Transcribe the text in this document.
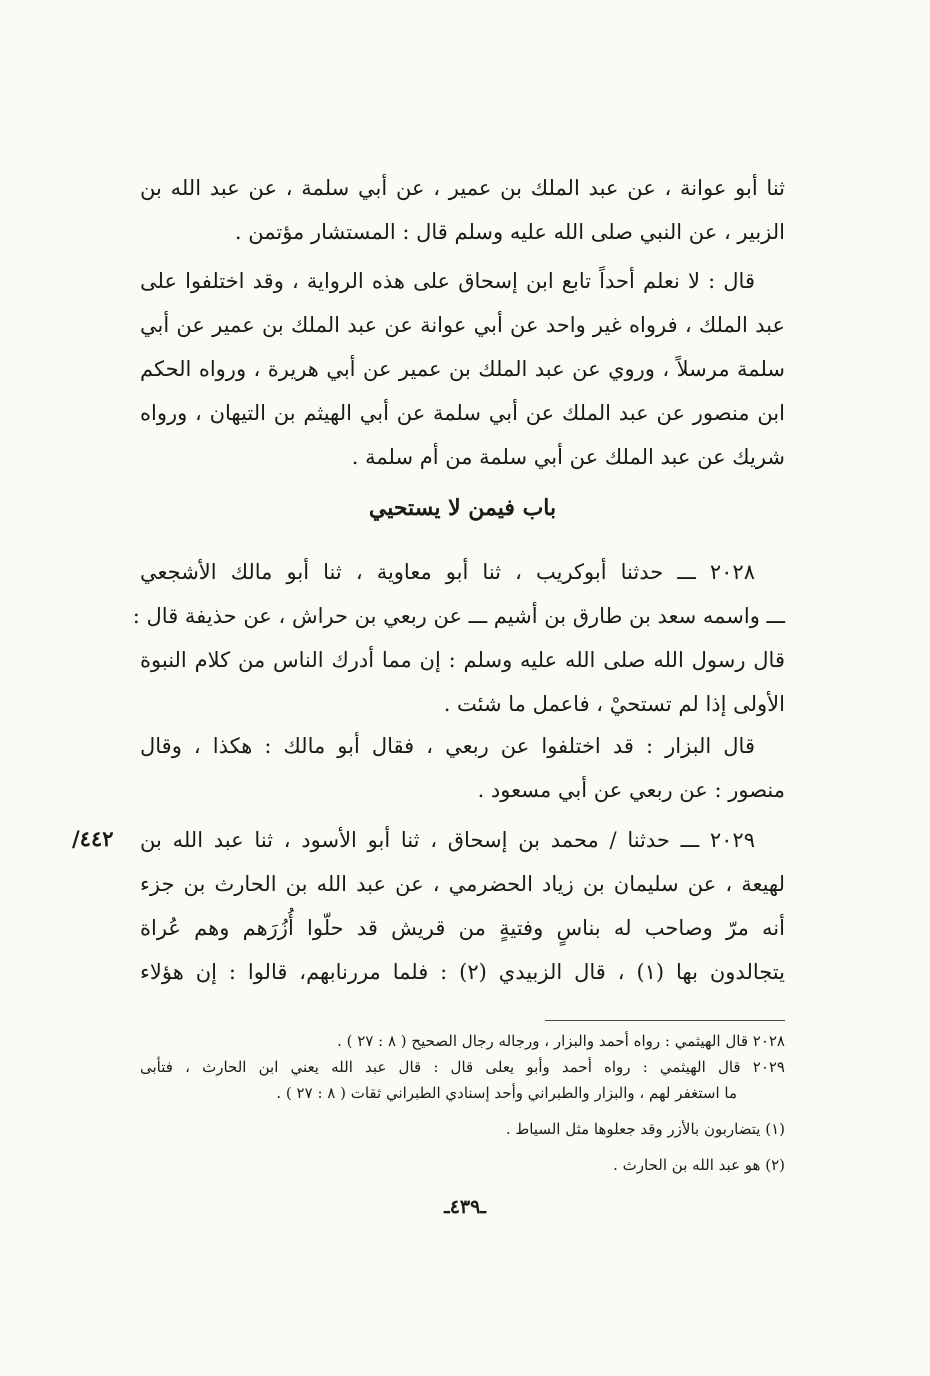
ثنا أبو عوانة ، عن عبد الملك بن عمير ، عن أبي سلمة ، عن عبد الله بن
الزبير ، عن النبي صلى الله عليه وسلم قال : المستشار مؤتمن .
قال : لا نعلم أحداً تابع ابن إسحاق على هذه الرواية ، وقد اختلفوا على
عبد الملك ، فرواه غير واحد عن أبي عوانة عن عبد الملك بن عمير عن أبي
سلمة مرسلاً ، وروي عن عبد الملك بن عمير عن أبي هريرة ، ورواه الحكم
ابن منصور عن عبد الملك عن أبي سلمة عن أبي الهيثم بن التيهان ، ورواه
شريك عن عبد الملك عن أبي سلمة من أم سلمة .
باب فيمن لا يستحيي
٢٠٢٨ ـــ حدثنا أبوكريب ، ثنا أبو معاوية ، ثنا أبو مالك الأشجعي
ـــ واسمه سعد بن طارق بن أشيم ـــ عن ربعي بن حراش ، عن حذيفة قال :
قال رسول الله صلى الله عليه وسلم : إن مما أدرك الناس من كلام النبوة
الأولى إذا لم تستحيْ ، فاعمل ما شئت .
قال البزار : قد اختلفوا عن ربعي ، فقال أبو مالك : هكذا ، وقال
منصور : عن ربعي عن أبي مسعود .
٢٠٢٩ ـــ حدثنا / محمد بن إسحاق ، ثنا أبو الأسود ، ثنا عبد الله بن
لهيعة ، عن سليمان بن زياد الحضرمي ، عن عبد الله بن الحارث بن جزء
أنه مرّ وصاحب له بناسٍ وفتيةٍ من قريش قد حلّوا أُزُرَهم وهم عُراة
يتجالدون بها (١) ، قال الزبيدي (٢) : فلما مررنابهم، قالوا : إن هؤلاء
٤٤٢/
٢٠٢٨ قال الهيثمي : رواه أحمد والبزار ، ورجاله رجال الصحيح ( ٨ : ٢٧ ) .
٢٠٢٩ قال الهيثمي : رواه أحمد وأبو يعلى قال : قال عبد الله يعني ابن الحارث ، فتأبى
ما استغفر لهم ، والبزار والطبراني وأحد إسنادي الطبراني ثقات ( ٨ : ٢٧ ) .
(١) يتضاربون بالأزر وقد جعلوها مثل السياط .
(٢) هو عبد الله بن الحارث .
ـ٤٣٩ـ
